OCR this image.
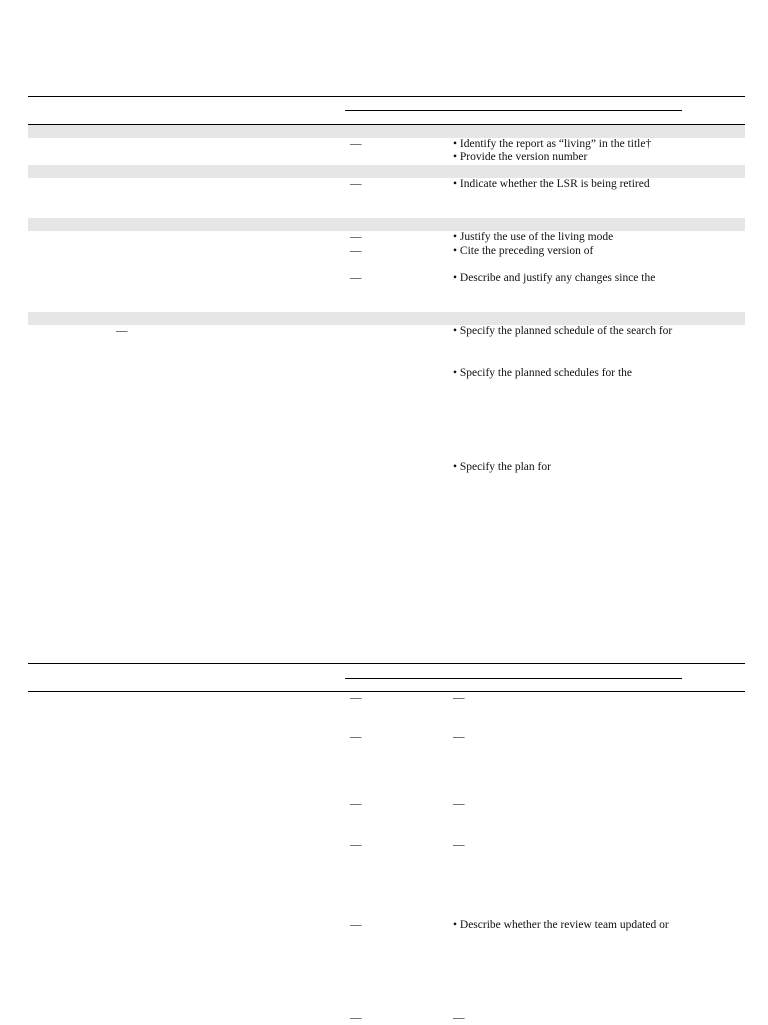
—	• Identify the report as “living” in the title†
• Provide the version number
—	• Indicate whether the LSR is being retired
—	• Justify the use of the living mode
—	• Cite the preceding version of
—	• Describe and justify any changes since the
—	• Specify the planned schedule of the search for
• Specify the planned schedules for the
• Specify the plan for
—	—
—	—
—	—
—	—
—	• Describe whether the review team updated or
—	—
